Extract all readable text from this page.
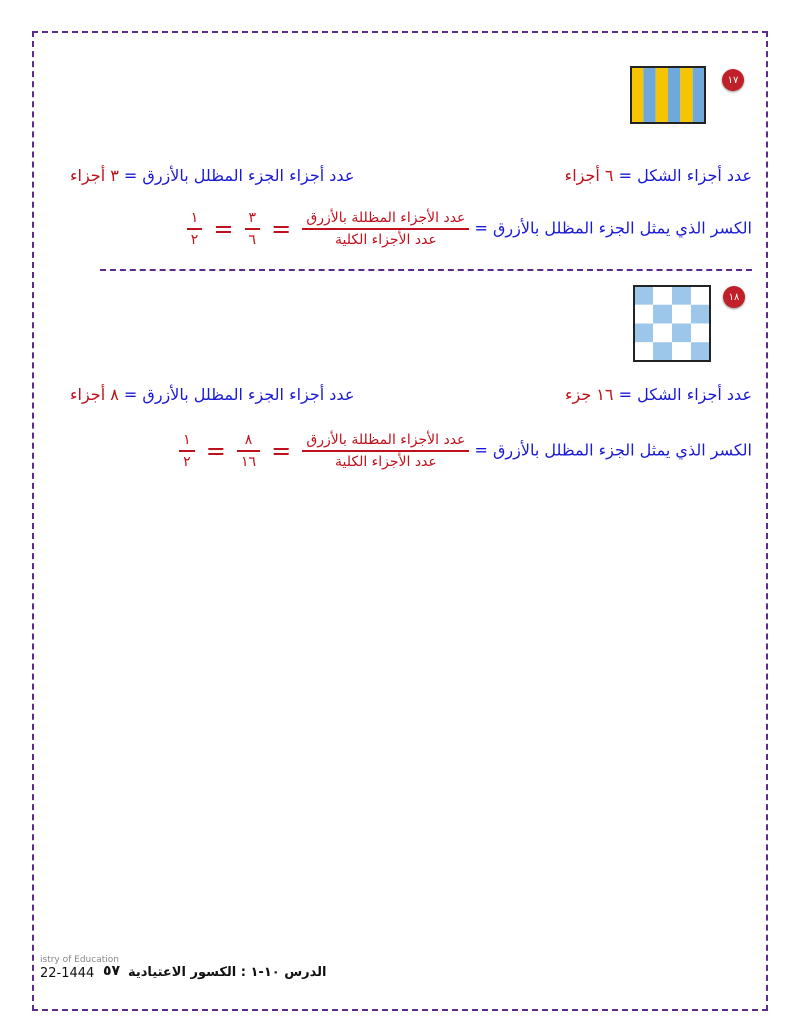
١٧
عدد أجزاء الشكل = ٦ أجزاء
عدد أجزاء الجزء المظلل بالأزرق = ٣ أجزاء
الكسر الذي يمثل الجزء المظلل بالأزرق =
$\frac{\text{عدد الأجزاء المظللة بالأزرق}}{\text{عدد الأجزاء الكلية}}$
=
$\frac{٣}{٦}$
=
$\frac{١}{٢}$
١٨
عدد أجزاء الشكل = ١٦ جزء
عدد أجزاء الجزء المظلل بالأزرق = ٨ أجزاء
الكسر الذي يمثل الجزء المظلل بالأزرق =
$\frac{\text{عدد الأجزاء المظللة بالأزرق}}{\text{عدد الأجزاء الكلية}}$
=
$\frac{٨}{١٦}$
=
$\frac{١}{٢}$
istry of Education
22-1444 ٥٧ الدرس ١٠-١ : الكسور الاعتيادية
